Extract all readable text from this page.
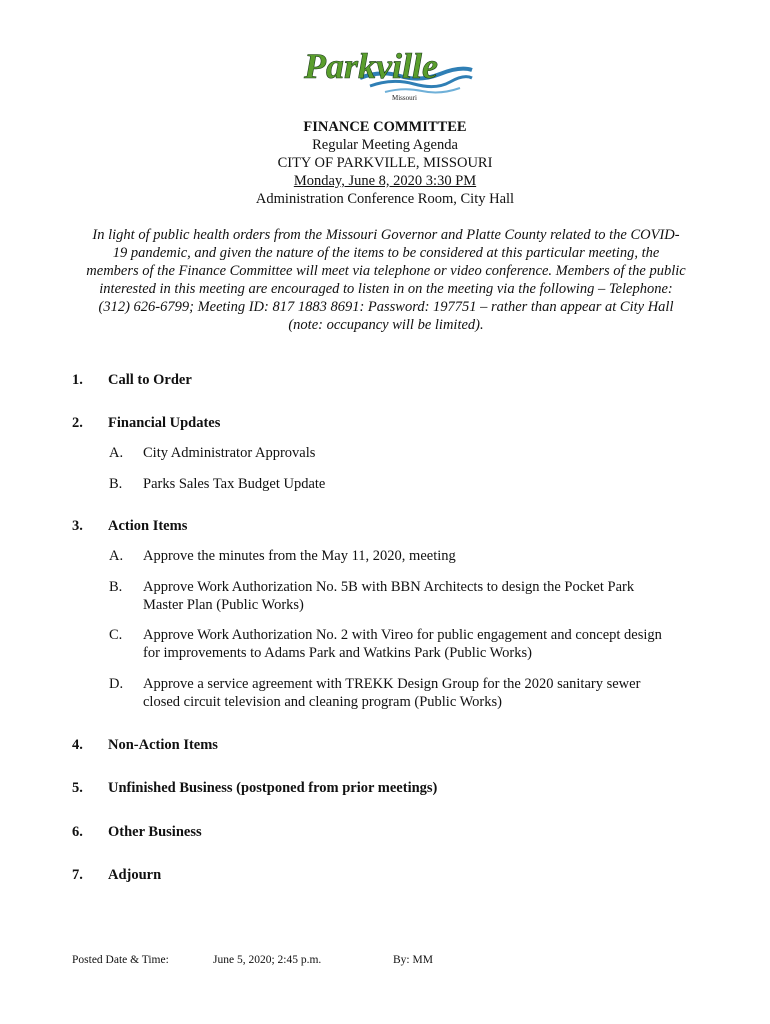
Parkville
Missouri
FINANCE COMMITTEE
Regular Meeting Agenda
CITY OF PARKVILLE, MISSOURI
Monday, June 8, 2020 3:30 PM
Administration Conference Room, City Hall
In light of public health orders from the Missouri Governor and Platte County related to the COVID-
19 pandemic, and given the nature of the items to be considered at this particular meeting, the
members of the Finance Committee will meet via telephone or video conference. Members of the public
interested in this meeting are encouraged to listen in on the meeting via the following – Telephone:
(312) 626-6799; Meeting ID: 817 1883 8691: Password: 197751 – rather than appear at City Hall
(note: occupancy will be limited).
1. Call to Order
2. Financial Updates
A. City Administrator Approvals
B. Parks Sales Tax Budget Update
3. Action Items
A. Approve the minutes from the May 11, 2020, meeting
B. Approve Work Authorization No. 5B with BBN Architects to design the Pocket Park
Master Plan (Public Works)
C. Approve Work Authorization No. 2 with Vireo for public engagement and concept design
for improvements to Adams Park and Watkins Park (Public Works)
D. Approve a service agreement with TREKK Design Group for the 2020 sanitary sewer
closed circuit television and cleaning program (Public Works)
4. Non-Action Items
5. Unfinished Business (postponed from prior meetings)
6. Other Business
7. Adjourn
Posted Date & Time:	June 5, 2020; 2:45 p.m.	By: MM
